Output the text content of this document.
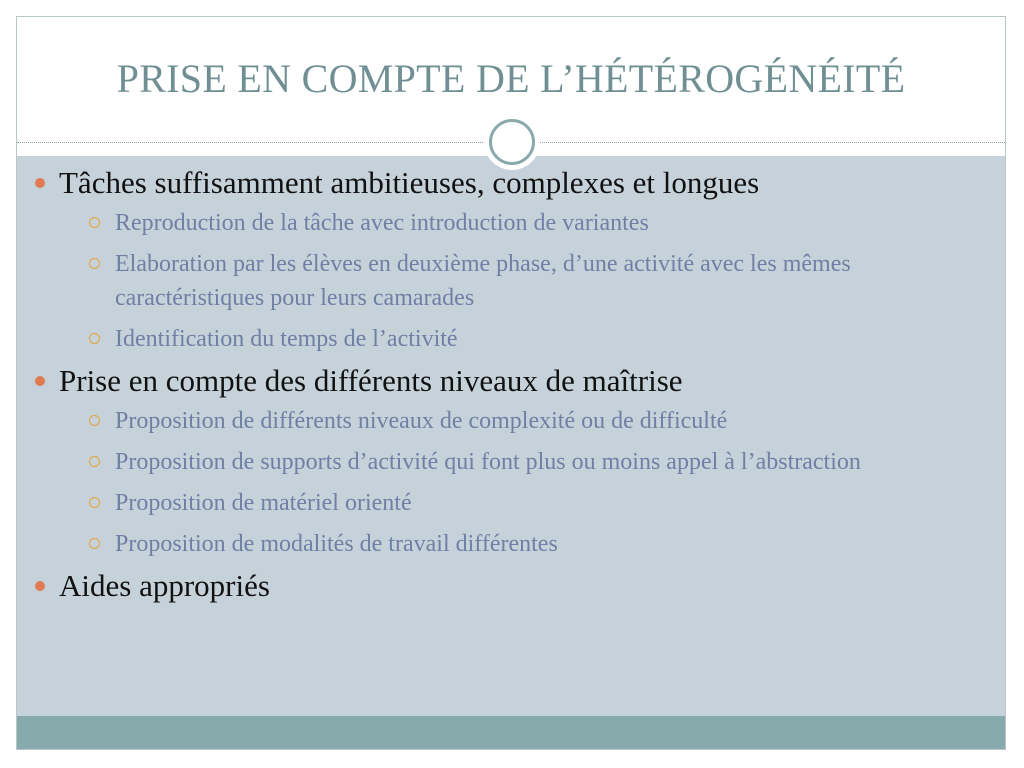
PRISE EN COMPTE DE L’HÉTÉROGÉNÉITÉ
Tâches suffisamment ambitieuses, complexes et longues
Reproduction de la tâche avec introduction de variantes
Elaboration par les élèves en deuxième phase, d’une activité avec les mêmes caractéristiques pour leurs camarades
Identification du temps de l’activité
Prise en compte des différents niveaux de maîtrise
Proposition de différents niveaux de complexité ou de difficulté
Proposition de supports d’activité qui font plus ou moins appel à l’abstraction
Proposition de matériel orienté
Proposition de modalités de travail différentes
Aides appropriés
